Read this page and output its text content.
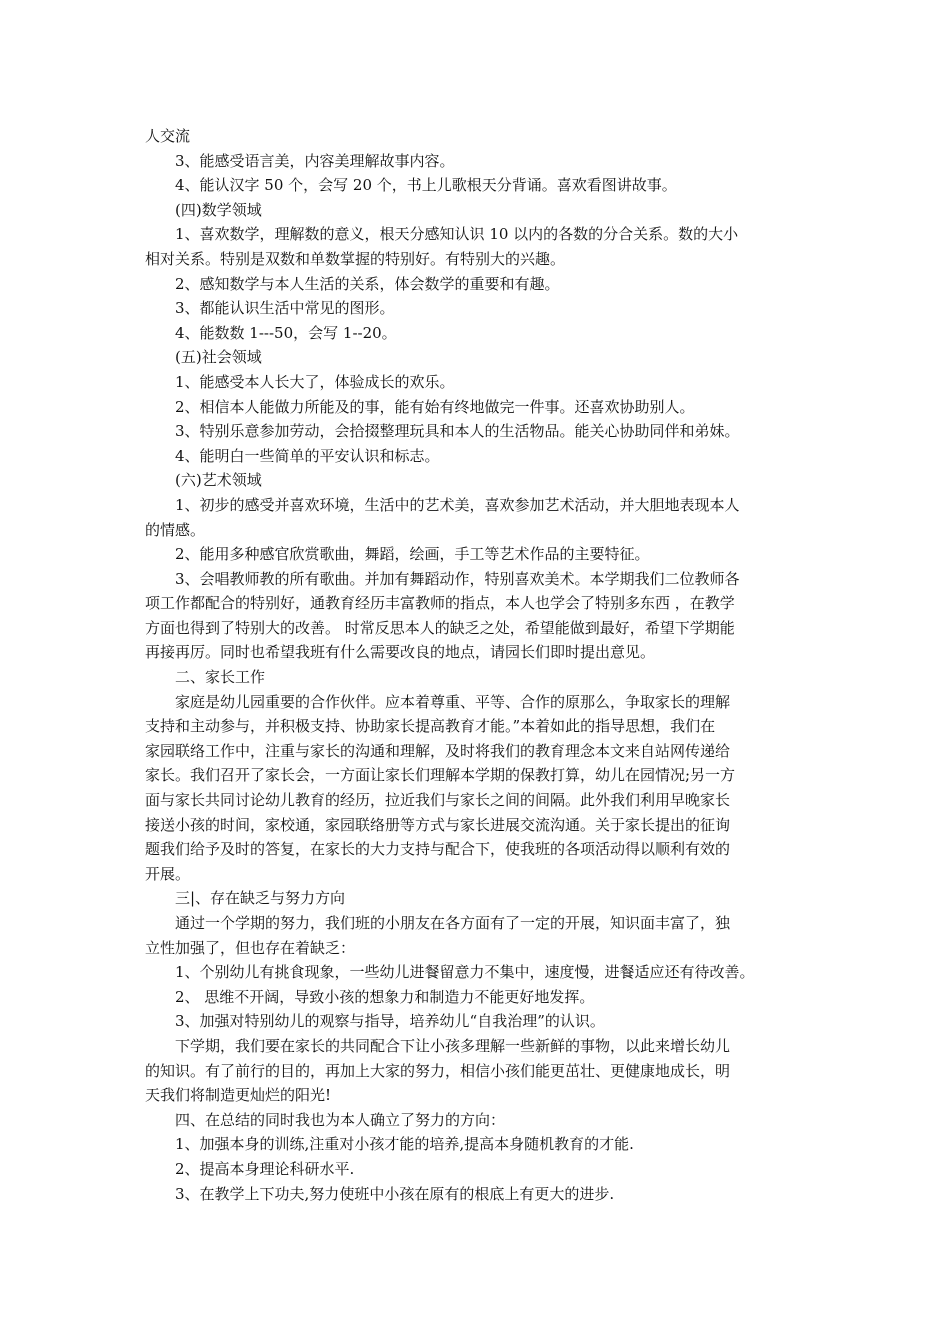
人交流

3、能感受语言美，内容美理解故事内容。

4、能认汉字 50 个，会写 20 个，书上儿歌根天分背诵。喜欢看图讲故事。

(四)数学领域

1、喜欢数学，理解数的意义，根天分感知认识 10 以内的各数的分合关系。数的大小

相对关系。特别是双数和单数掌握的特别好。有特别大的兴趣。

2、感知数学与本人生活的关系，体会数学的重要和有趣。

3、都能认识生活中常见的图形。

4、能数数 1---50，会写 1--20。

(五)社会领域

1、能感受本人长大了，体验成长的欢乐。

2、相信本人能做力所能及的事，能有始有终地做完一件事。还喜欢协助别人。

3、特别乐意参加劳动，会拾掇整理玩具和本人的生活物品。能关心协助同伴和弟妹。

4、能明白一些简单的平安认识和标志。

(六)艺术领域

1、初步的感受并喜欢环境，生活中的艺术美，喜欢参加艺术活动，并大胆地表现本人

的情感。

2、能用多种感官欣赏歌曲，舞蹈，绘画，手工等艺术作品的主要特征。

3、会唱教师教的所有歌曲。并加有舞蹈动作，特别喜欢美术。本学期我们二位教师各

项工作都配合的特别好，通教育经历丰富教师的指点，本人也学会了特别多东西 ，在教学

方面也得到了特别大的改善。 时常反思本人的缺乏之处，希望能做到最好，希望下学期能

再接再厉。同时也希望我班有什么需要改良的地点，请园长们即时提出意见。

二、家长工作

家庭是幼儿园重要的合作伙伴。应本着尊重、平等、合作的原那么，争取家长的理解

支持和主动参与，并积极支持、协助家长提高教育才能。”本着如此的指导思想，我们在

家园联络工作中，注重与家长的沟通和理解，及时将我们的教育理念本文来自站网传递给

家长。我们召开了家长会，一方面让家长们理解本学期的保教打算，幼儿在园情况;另一方

面与家长共同讨论幼儿教育的经历，拉近我们与家长之间的间隔。此外我们利用早晚家长

接送小孩的时间，家校通，家园联络册等方式与家长进展交流沟通。关于家长提出的征询

题我们给予及时的答复，在家长的大力支持与配合下，使我班的各项活动得以顺利有效的

开展。

三|、存在缺乏与努力方向

通过一个学期的努力，我们班的小朋友在各方面有了一定的开展，知识面丰富了，独

立性加强了，但也存在着缺乏：

1、个别幼儿有挑食现象，一些幼儿进餐留意力不集中，速度慢，进餐适应还有待改善。

2、 思维不开阔，导致小孩的想象力和制造力不能更好地发挥。

3、加强对特别幼儿的观察与指导，培养幼儿“自我治理”的认识。

下学期，我们要在家长的共同配合下让小孩多理解一些新鲜的事物，以此来增长幼儿

的知识。有了前行的目的，再加上大家的努力，相信小孩们能更茁壮、更健康地成长，明

天我们将制造更灿烂的阳光!

四、在总结的同时我也为本人确立了努力的方向：

1、加强本身的训练,注重对小孩才能的培养,提高本身随机教育的才能.

2、提高本身理论科研水平.

3、在教学上下功夫,努力使班中小孩在原有的根底上有更大的进步.
